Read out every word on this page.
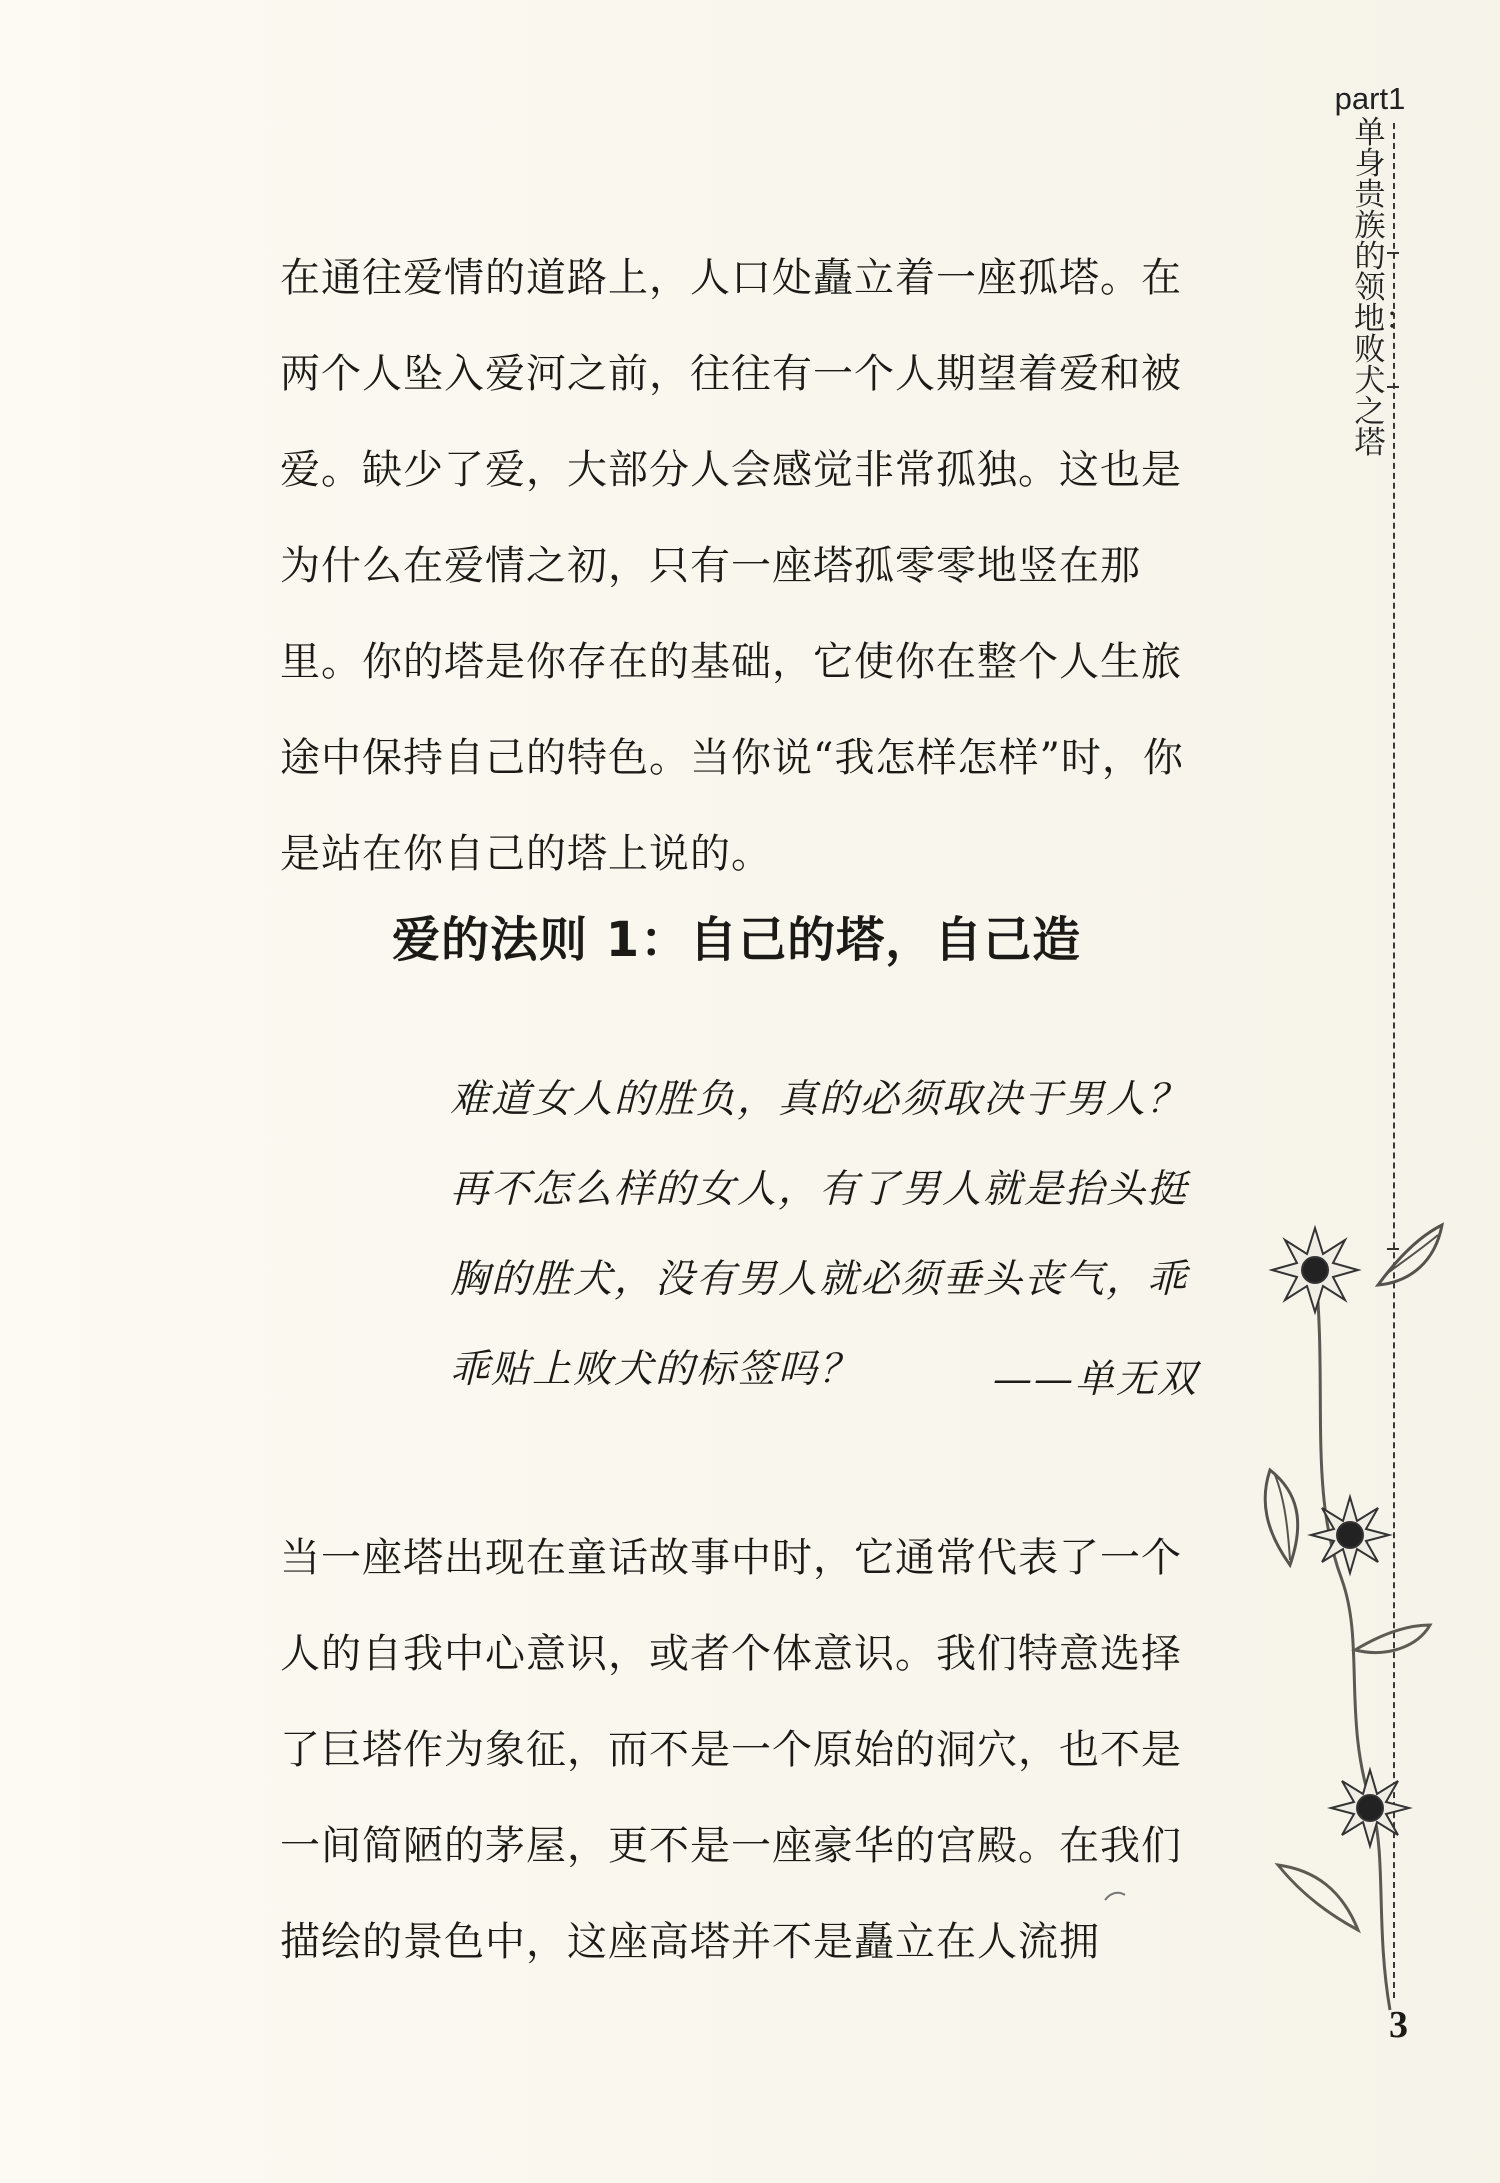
在通往爱情的道路上，人口处矗立着一座孤塔。在两个人坠入爱河之前，往往有一个人期望着爱和被爱。缺少了爱，大部分人会感觉非常孤独。这也是为什么在爱情之初，只有一座塔孤零零地竖在那里。你的塔是你存在的基础，它使你在整个人生旅途中保持自己的特色。当你说“我怎样怎样”时，你是站在你自己的塔上说的。

爱的法则 1：自己的塔，自己造

难道女人的胜负，真的必须取决于男人？再不怎么样的女人，有了男人就是抬头挺胸的胜犬，没有男人就必须垂头丧气，乖乖贴上败犬的标签吗？	——单无双

当一座塔出现在童话故事中时，它通常代表了一个人的自我中心意识，或者个体意识。我们特意选择了巨塔作为象征，而不是一个原始的洞穴，也不是一间简陋的茅屋，更不是一座豪华的宫殿。在我们描绘的景色中，这座高塔并不是矗立在人流拥

part1
单身贵族的领地：败犬之塔
3
